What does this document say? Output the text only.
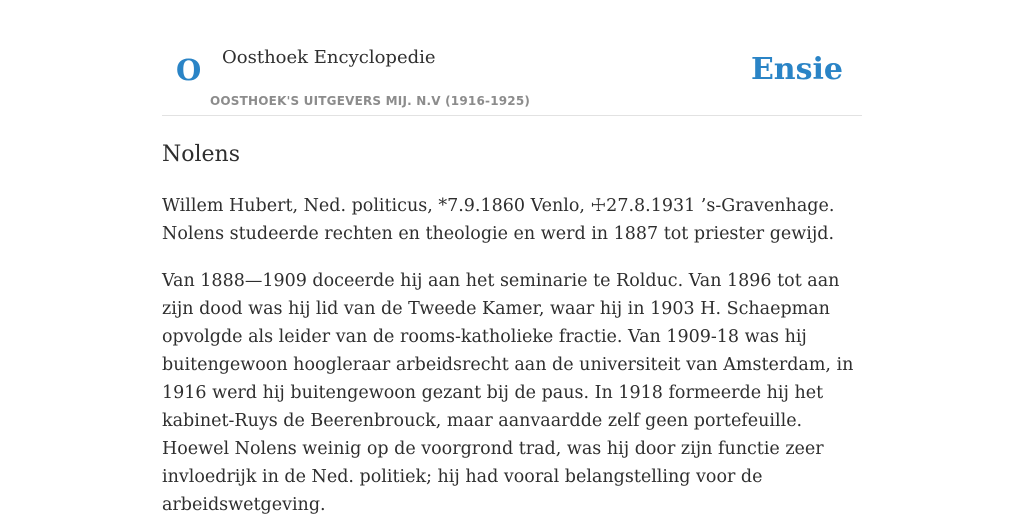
O Oosthoek Encyclopedie
OOSTHOEK'S UITGEVERS MIJ. N.V (1916-1925)
Ensie
Nolens

Willem Hubert, Ned. politicus, *7.9.1860 Venlo, ☩27.8.1931 ’s-Gravenhage. Nolens studeerde rechten en theologie en werd in 1887 tot priester gewijd.

Van 1888—1909 doceerde hij aan het seminarie te Rolduc. Van 1896 tot aan zijn dood was hij lid van de Tweede Kamer, waar hij in 1903 H. Schaepman opvolgde als leider van de rooms-katholieke fractie. Van 1909-18 was hij buitengewoon hoogleraar arbeidsrecht aan de universiteit van Amsterdam, in 1916 werd hij buitengewoon gezant bij de paus. In 1918 formeerde hij het kabinet-Ruys de Beerenbrouck, maar aanvaardde zelf geen portefeuille. Hoewel Nolens weinig op de voorgrond trad, was hij door zijn functie zeer invloedrijk in de Ned. politiek; hij had vooral belangstelling voor de arbeidswetgeving.
